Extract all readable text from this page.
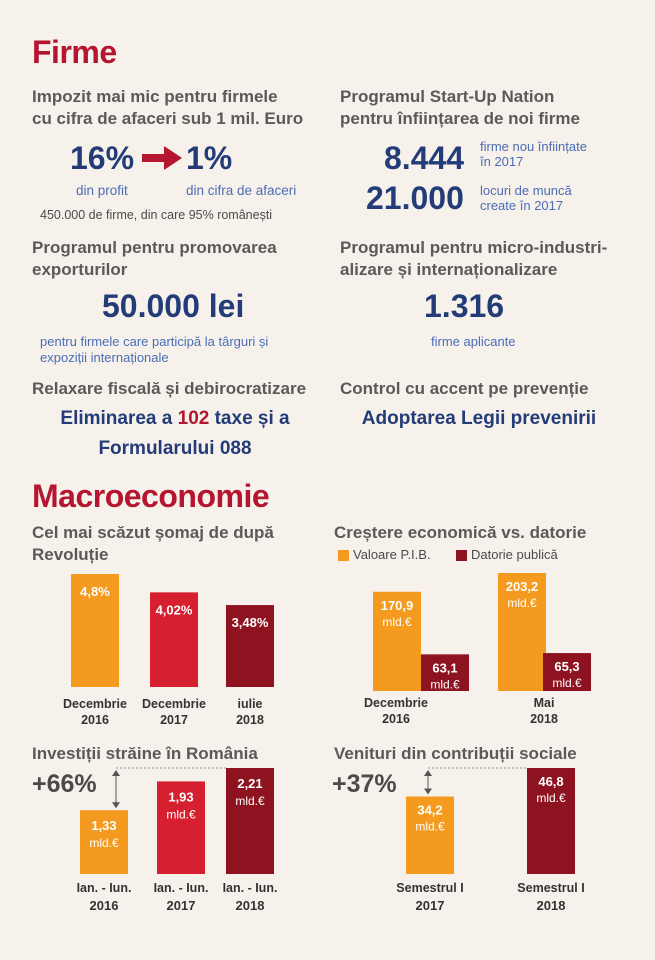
Firme
Impozit mai mic pentru firmele
cu cifra de afaceri sub 1 mil. Euro
16% 1%
din profit	din cifra de afaceri
450.000 de firme, din care 95% românești
Programul Start-Up Nation
pentru înființarea de noi firme
8.444 firme nou înființate
în 2017
21.000 locuri de muncă
create în 2017
Programul pentru promovarea
exporturilor
50.000 lei
pentru firmele care participă la târguri și
expoziții internaționale
Programul pentru micro-industri-
alizare și internaționalizare
1.316
firme aplicante
Relaxare fiscală și debirocratizare
Eliminarea a 102 taxe și a
Formularului 088
Control cu accent pe prevenție
Adoptarea Legii prevenirii
Macroeconomie
Cel mai scăzut șomaj de după Revoluție
Creștere economică vs. datorie
Valoare P.I.B.	Datorie publică
Investiții străine în România	Venituri din contribuții sociale
+66%	+37%
4,8%
Decembrie
2016
4,02%
Decembrie
2017
3,48%
iulie
2018
170,9
mld.€
63,1
mld.€
Decembrie
2016
203,2
mld.€
65,3
mld.€
Mai
2018
1,33
mld.€
Ian. - Iun.
2016
1,93
mld.€
Ian. - Iun.
2017
2,21
mld.€
Ian. - Iun.
2018
34,2
mld.€
Semestrul I
2017
46,8
mld.€
Semestrul I
2018
